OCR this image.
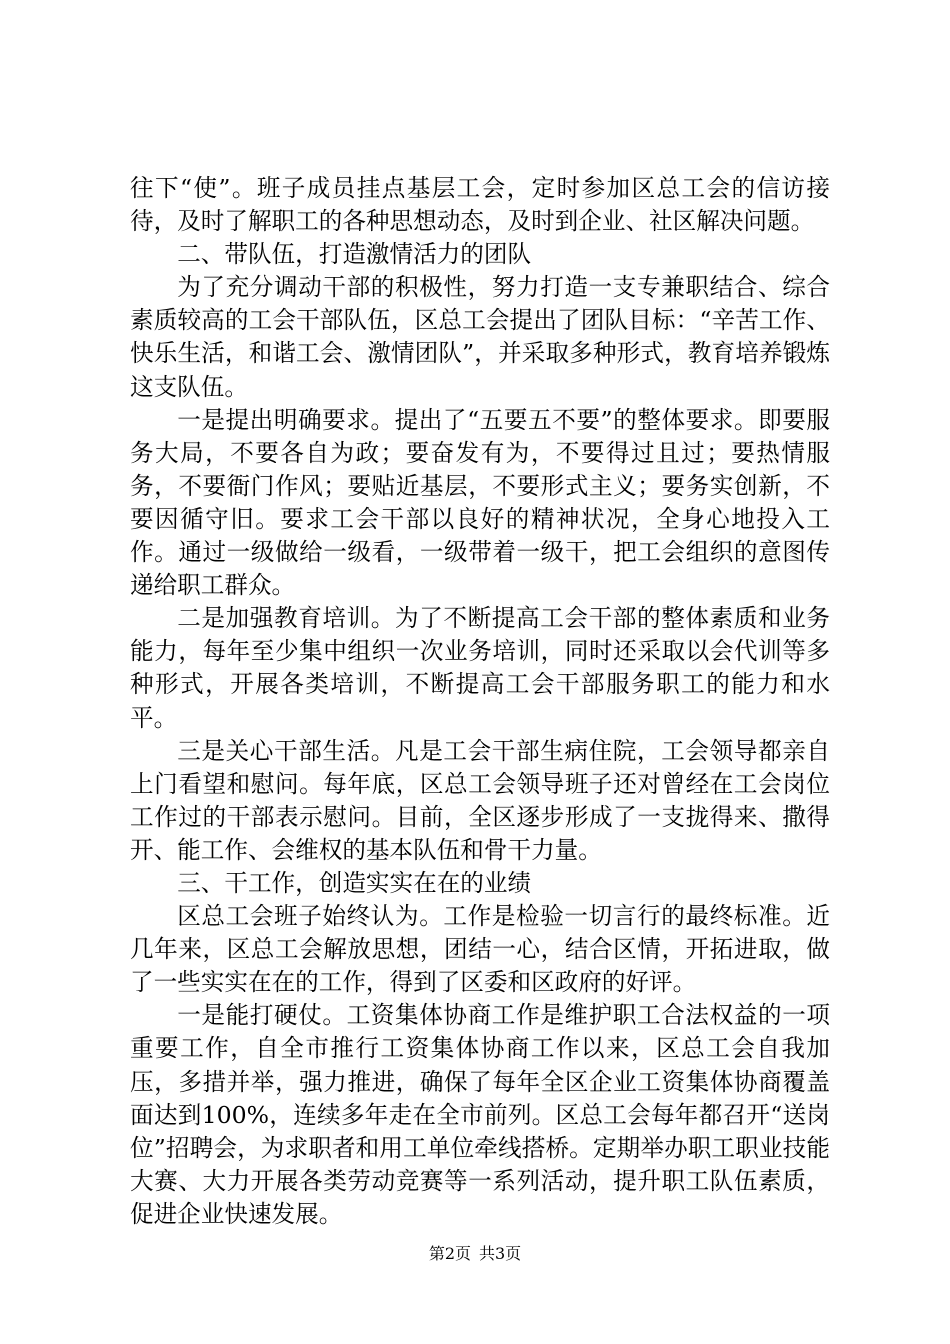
往下“使”。班子成员挂点基层工会，定时参加区总工会的信访接待，及时了解职工的各种思想动态，及时到企业、社区解决问题。

二、带队伍，打造激情活力的团队

为了充分调动干部的积极性，努力打造一支专兼职结合、综合素质较高的工会干部队伍，区总工会提出了团队目标：“辛苦工作、快乐生活，和谐工会、激情团队”，并采取多种形式，教育培养锻炼这支队伍。

一是提出明确要求。提出了“五要五不要”的整体要求。即要服务大局，不要各自为政；要奋发有为，不要得过且过；要热情服务，不要衙门作风；要贴近基层，不要形式主义；要务实创新，不要因循守旧。要求工会干部以良好的精神状况，全身心地投入工作。通过一级做给一级看，一级带着一级干，把工会组织的意图传递给职工群众。

二是加强教育培训。为了不断提高工会干部的整体素质和业务能力，每年至少集中组织一次业务培训，同时还采取以会代训等多种形式，开展各类培训，不断提高工会干部服务职工的能力和水平。

三是关心干部生活。凡是工会干部生病住院，工会领导都亲自上门看望和慰问。每年底，区总工会领导班子还对曾经在工会岗位工作过的干部表示慰问。目前，全区逐步形成了一支拢得来、撒得开、能工作、会维权的基本队伍和骨干力量。

三、干工作，创造实实在在的业绩

区总工会班子始终认为。工作是检验一切言行的最终标准。近几年来，区总工会解放思想，团结一心，结合区情，开拓进取，做了一些实实在在的工作，得到了区委和区政府的好评。

一是能打硬仗。工资集体协商工作是维护职工合法权益的一项重要工作，自全市推行工资集体协商工作以来，区总工会自我加压，多措并举，强力推进，确保了每年全区企业工资集体协商覆盖面达到100%，连续多年走在全市前列。区总工会每年都召开“送岗位”招聘会，为求职者和用工单位牵线搭桥。定期举办职工职业技能大赛、大力开展各类劳动竞赛等一系列活动，提升职工队伍素质，促进企业快速发展。

第2页 共3页
